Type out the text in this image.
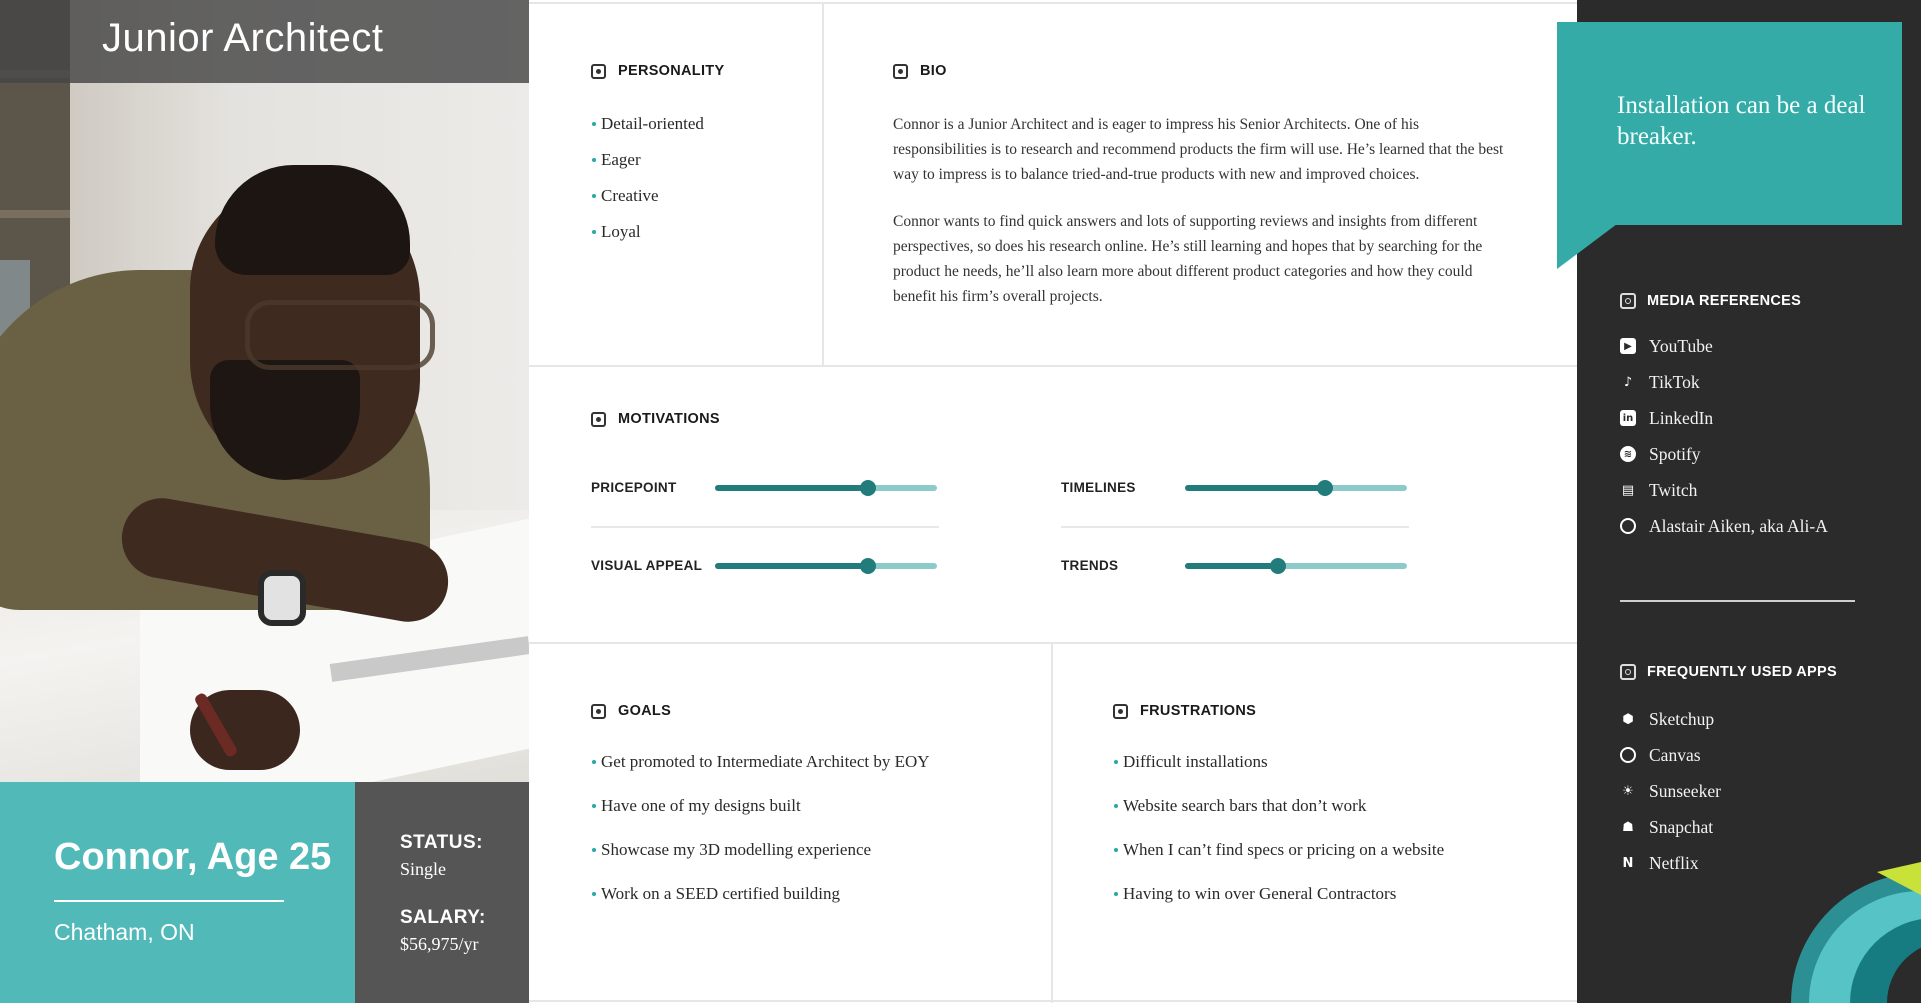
Junior Architect
Connor, Age 25
Chatham, ON
STATUS:
Single
SALARY:
$56,975/yr
PERSONALITY
Detail-oriented
Eager
Creative
Loyal
BIO

Connor is a Junior Architect and is eager to impress his Senior Architects. One of his responsibilities is to research and recommend products the firm will use. He’s learned that the best way to impress is to balance tried-and-true products with new and improved choices.

Connor wants to find quick answers and lots of supporting reviews and insights from different perspectives, so does his research online. He’s still learning and hopes that by searching for the product he needs, he’ll also learn more about different product categories and how they could benefit his firm’s overall projects.

MOTIVATIONS
PRICEPOINT	TIMELINES
VISUAL APPEAL	TRENDS
GOALS
Get promoted to Intermediate Architect by EOY
Have one of my designs built
Showcase my 3D modelling experience
Work on a SEED certified building
FRUSTRATIONS
Difficult installations
Website search bars that don’t work
When I can’t find specs or pricing on a website
Having to win over General Contractors

Installation can be a deal breaker.

MEDIA REFERENCES
▶ YouTube
♪ TikTok
in LinkedIn
≋ Spotify
▤ Twitch
Alastair Aiken, aka Ali-A
FREQUENTLY USED APPS
⬢ Sketchup
Canvas
☀ Sunseeker
☗ Snapchat
N Netflix
